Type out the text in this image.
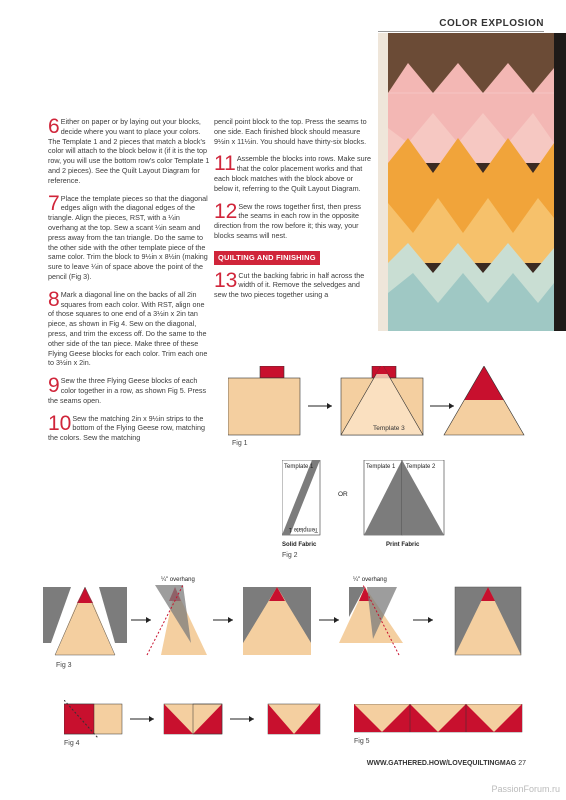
COLOR EXPLOSION

6 Either on paper or by laying out your blocks, decide where you want to place your colors. The Template 1 and 2 pieces that match a block's color will attach to the block below it (if it is the top row, you will use the bottom row's color Template 1 and 2 pieces). See the Quilt Layout Diagram for reference.

7 Place the template pieces so that the diagonal edges align with the diagonal edges of the triangle. Align the pieces, RST, with a ¼in overhang at the top. Sew a scant ¼in seam and press away from the tan triangle. Do the same to the other side with the other template piece of the same color. Trim the block to 9½in x 8½in (making sure to leave ¼in of space above the point of the pencil (Fig 3).

8 Mark a diagonal line on the backs of all 2in squares from each color. With RST, align one of those squares to one end of a 3½in x 2in tan piece, as shown in Fig 4. Sew on the diagonal, press, and trim the excess off. Do the same to the other side of the tan piece. Make three of these Flying Geese blocks for each color. Trim each one to 3½in x 2in.

9 Sew the three Flying Geese blocks of each color together in a row, as shown Fig 5. Press the seams open.

10 Sew the matching 2in x 9½in strips to the bottom of the Flying Geese row, matching the colors. Sew the matching

pencil point block to the top. Press the seams to one side. Each finished block should measure 9½in x 11½in. You should have thirty-six blocks.

11 Assemble the blocks into rows. Make sure that the color placement works and that each block matches with the block above or below it, referring to the Quilt Layout Diagram.

12 Sew the rows together first, then press the seams in each row in the opposite direction from the row before it; this way, your blocks seams will nest.

QUILTING AND FINISHING

13 Cut the backing fabric in half across the width of it. Remove the selvedges and sew the two pieces together using a

Template 3
Fig 1
Template 1
Template 1
OR
Template 1 Template 2
Solid Fabric	Print Fabric
Fig 2
¼" overhang	¼" overhang
Fig 3
Fig 4	Fig 5
WWW.GATHERED.HOW/LOVEQUILTINGMAG 27
PassionForum.ru
